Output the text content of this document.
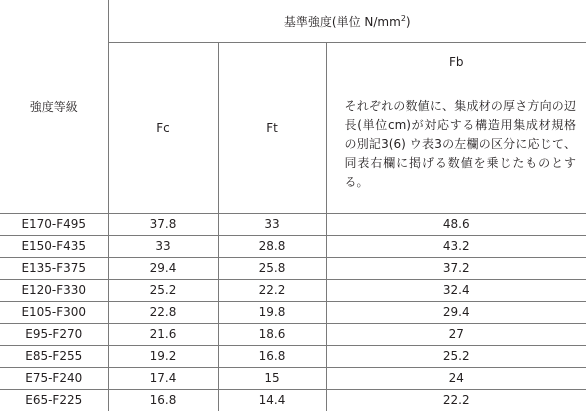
強度等級	基準強度(単位 $N/mm^2$)		
	Fc	Ft	Fb
それぞれの数値に、集成材の厚さ方向の辺長(単位cm)が対応する構造用集成材規格の別記3(6) ウ表3の左欄の区分に応じて、同表右欄に掲げる数値を乗じたものとする。

E170-F495	37.8	33	48.6
E150-F435	33	28.8	43.2
E135-F375	29.4	25.8	37.2
E120-F330	25.2	22.2	32.4
E105-F300	22.8	19.8	29.4
E95-F270	21.6	18.6	27
E85-F255	19.2	16.8	25.2
E75-F240	17.4	15	24
E65-F225	16.8	14.4	22.2
